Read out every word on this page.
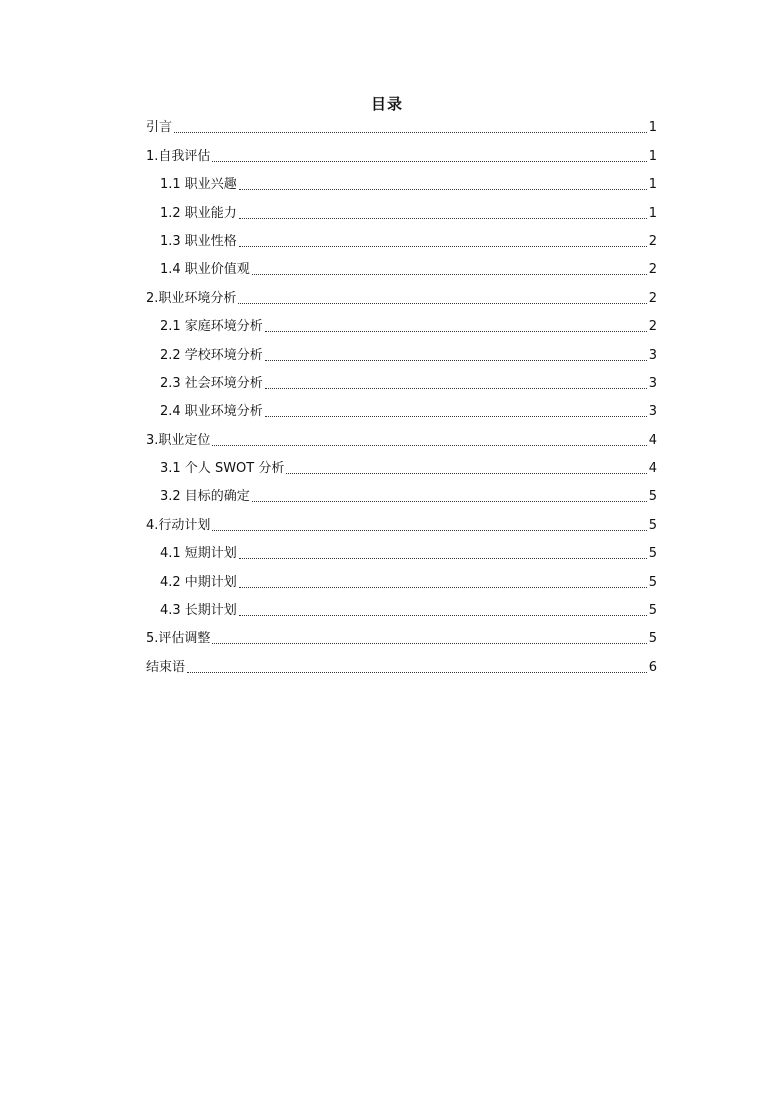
目录
引言	1
1.自我评估	1
1.1 职业兴趣	1
1.2 职业能力	1
1.3 职业性格	2
1.4 职业价值观	2
2.职业环境分析	2
2.1 家庭环境分析	2
2.2 学校环境分析	3
2.3 社会环境分析	3
2.4 职业环境分析	3
3.职业定位	4
3.1 个人 SWOT 分析	4
3.2 目标的确定	5
4.行动计划	5
4.1 短期计划	5
4.2 中期计划	5
4.3 长期计划	5
5.评估调整	5
结束语	6
